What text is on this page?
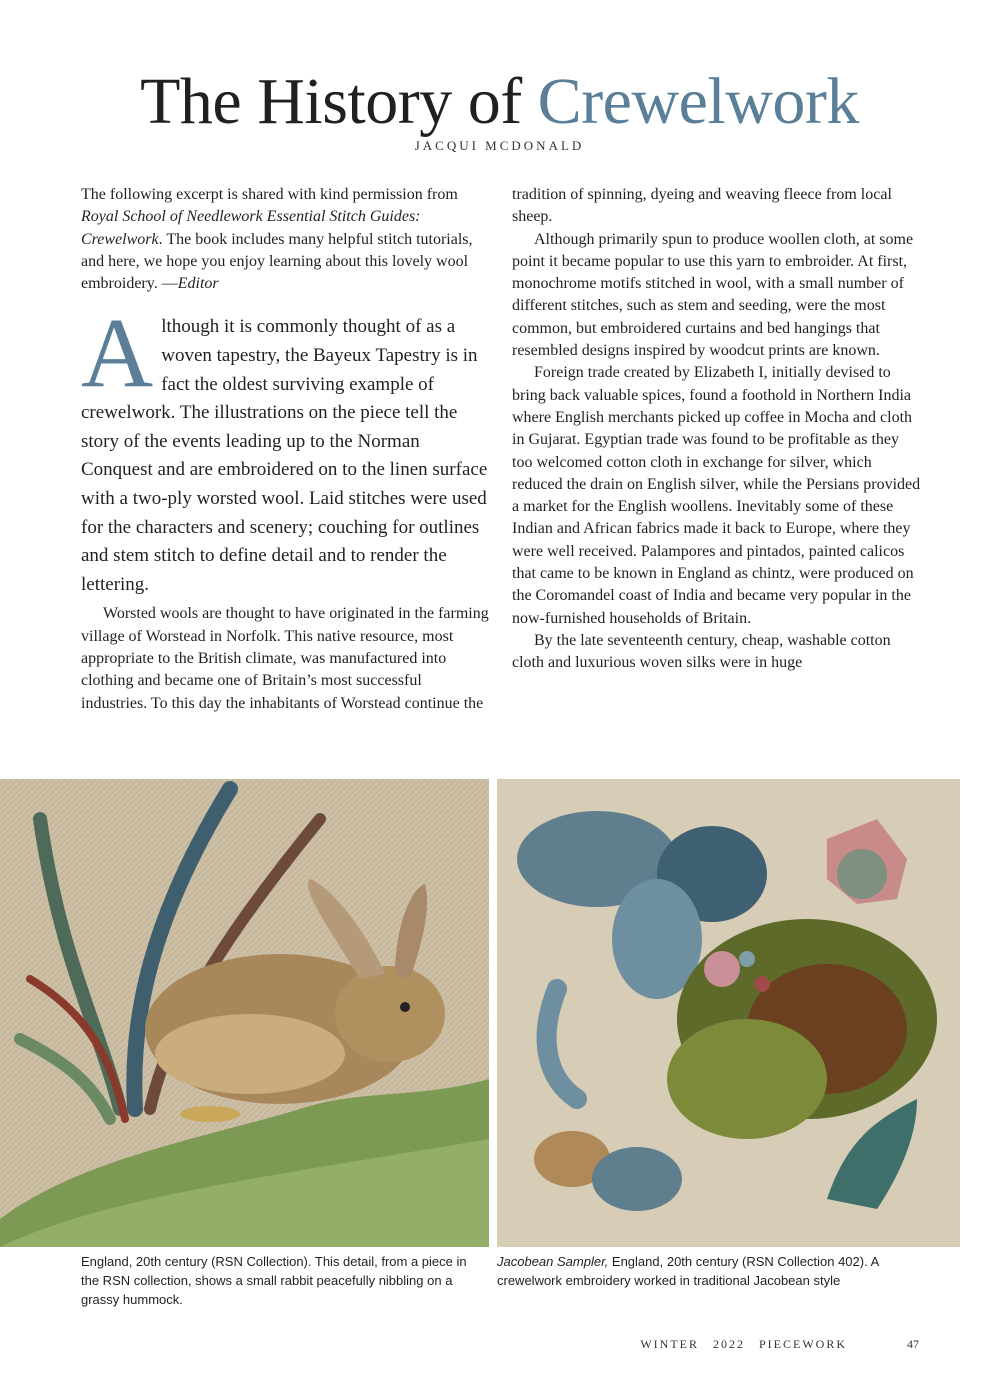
The History of Crewelwork
JACQUI MCDONALD

The following excerpt is shared with kind permission from Royal School of Needlework Essential Stitch Guides: Crewelwork. The book includes many helpful stitch tutorials, and here, we hope you enjoy learning about this lovely wool embroidery. —Editor

Although it is commonly thought of as a woven tapestry, the Bayeux Tapestry is in fact the oldest surviving example of crewelwork. The illustrations on the piece tell the story of the events leading up to the Norman Conquest and are embroidered on to the linen surface with a two-ply worsted wool. Laid stitches were used for the characters and scenery; couching for outlines and stem stitch to define detail and to render the lettering.

Worsted wools are thought to have originated in the farming village of Worstead in Norfolk. This native resource, most appropriate to the British climate, was manufactured into clothing and became one of Britain’s most successful industries. To this day the inhabitants of Worstead continue the

tradition of spinning, dyeing and weaving fleece from local sheep.

Although primarily spun to produce woollen cloth, at some point it became popular to use this yarn to embroider. At first, monochrome motifs stitched in wool, with a small number of different stitches, such as stem and seeding, were the most common, but embroidered curtains and bed hangings that resembled designs inspired by woodcut prints are known.

Foreign trade created by Elizabeth I, initially devised to bring back valuable spices, found a foothold in Northern India where English merchants picked up coffee in Mocha and cloth in Gujarat. Egyptian trade was found to be profitable as they too welcomed cotton cloth in exchange for silver, which reduced the drain on English silver, while the Persians provided a market for the English woollens. Inevitably some of these Indian and African fabrics made it back to Europe, where they were well received. Palampores and pintados, painted calicos that came to be known in England as chintz, were produced on the Coromandel coast of India and became very popular in the now-furnished households of Britain.

By the late seventeenth century, cheap, washable cotton cloth and luxurious woven silks were in huge

England, 20th century (RSN Collection). This detail, from a piece in the RSN collection, shows a small rabbit peacefully nibbling on a grassy hummock.
Jacobean Sampler, England, 20th century (RSN Collection 402). A crewelwork embroidery worked in traditional Jacobean style
WINTER 2022 PIECEWORK	47
